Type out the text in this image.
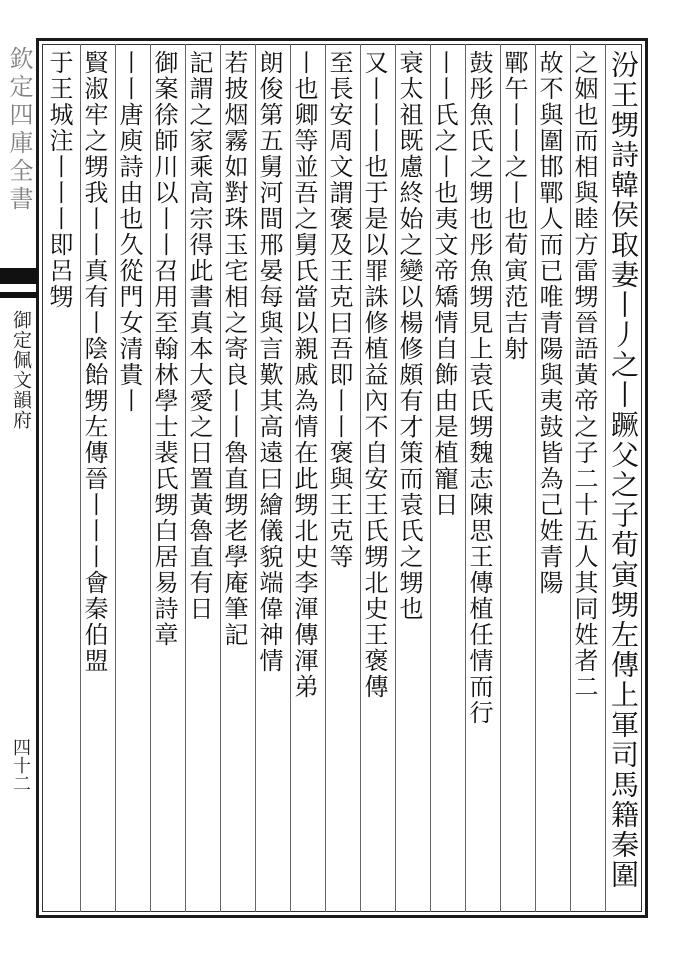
欽定四庫全書
御定佩文韻府
四十二
汾王甥詩韓侯取妻丨丿之丨蹶父之子荀寅甥左傳上軍司馬籍秦圍
之姻也而相與睦方雷甥晉語黃帝之子二十五人其同姓者二
故不與圍邯鄲人而已唯青陽與夷鼓皆為己姓青陽
鄲午丨丨之丨也荀寅范吉射
鼓彤魚氏之甥也彤魚甥見上袁氏甥魏志陳思王傳植任情而行
丨丨氏之丨也夷文帝矯情自飾由是植寵日
衰太祖既慮終始之變以楊修頗有才策而袁氏之甥也
又丨丨丨也于是以罪誅修植益內不自安王氏甥北史王褒傳
至長安周文謂褒及王克曰吾即丨丨褒與王克等
丨也卿等並吾之舅氏當以親戚為情在此甥北史李渾傳渾弟
朗俊第五舅河間邢晏每與言歎其高遠曰繪儀貌端偉神情
若披烟霧如對珠玉宅相之寄良丨丨魯直甥老學庵筆記
記謂之家乘高宗得此書真本大愛之日置黃魯直有日
御案徐師川以丨丨召用至翰林學士裴氏甥白居易詩章
丨丨唐庾詩由也久從門女清貴丨
賢淑牢之甥我丨丨真有丨陰飴甥左傳晉丨丨丨會秦伯盟
于王城注丨丨丨即呂甥
